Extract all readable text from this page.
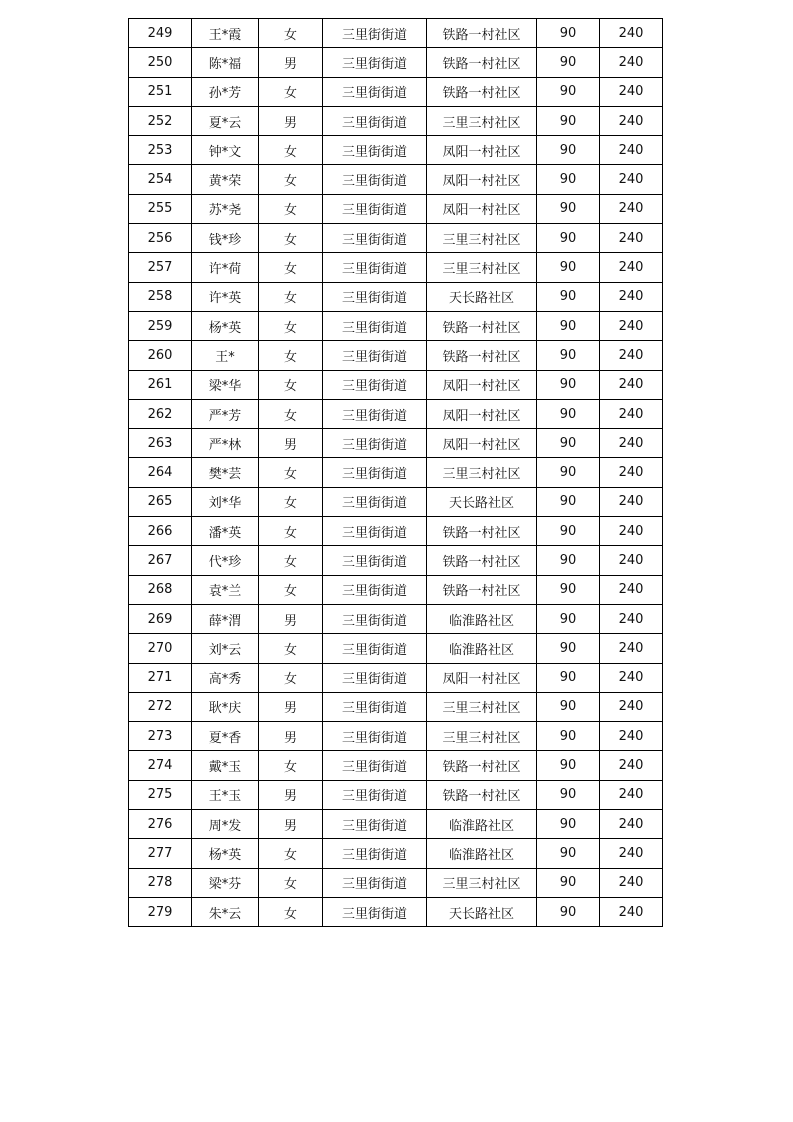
249	王*霞	女	三里街街道	铁路一村社区	90	240
250	陈*福	男	三里街街道	铁路一村社区	90	240
251	孙*芳	女	三里街街道	铁路一村社区	90	240
252	夏*云	男	三里街街道	三里三村社区	90	240
253	钟*文	女	三里街街道	凤阳一村社区	90	240
254	黄*荣	女	三里街街道	凤阳一村社区	90	240
255	苏*尧	女	三里街街道	凤阳一村社区	90	240
256	钱*珍	女	三里街街道	三里三村社区	90	240
257	许*荷	女	三里街街道	三里三村社区	90	240
258	许*英	女	三里街街道	天长路社区	90	240
259	杨*英	女	三里街街道	铁路一村社区	90	240
260	王*	女	三里街街道	铁路一村社区	90	240
261	梁*华	女	三里街街道	凤阳一村社区	90	240
262	严*芳	女	三里街街道	凤阳一村社区	90	240
263	严*林	男	三里街街道	凤阳一村社区	90	240
264	樊*芸	女	三里街街道	三里三村社区	90	240
265	刘*华	女	三里街街道	天长路社区	90	240
266	潘*英	女	三里街街道	铁路一村社区	90	240
267	代*珍	女	三里街街道	铁路一村社区	90	240
268	袁*兰	女	三里街街道	铁路一村社区	90	240
269	薛*渭	男	三里街街道	临淮路社区	90	240
270	刘*云	女	三里街街道	临淮路社区	90	240
271	高*秀	女	三里街街道	凤阳一村社区	90	240
272	耿*庆	男	三里街街道	三里三村社区	90	240
273	夏*香	男	三里街街道	三里三村社区	90	240
274	戴*玉	女	三里街街道	铁路一村社区	90	240
275	王*玉	男	三里街街道	铁路一村社区	90	240
276	周*发	男	三里街街道	临淮路社区	90	240
277	杨*英	女	三里街街道	临淮路社区	90	240
278	梁*芬	女	三里街街道	三里三村社区	90	240
279	朱*云	女	三里街街道	天长路社区	90	240
